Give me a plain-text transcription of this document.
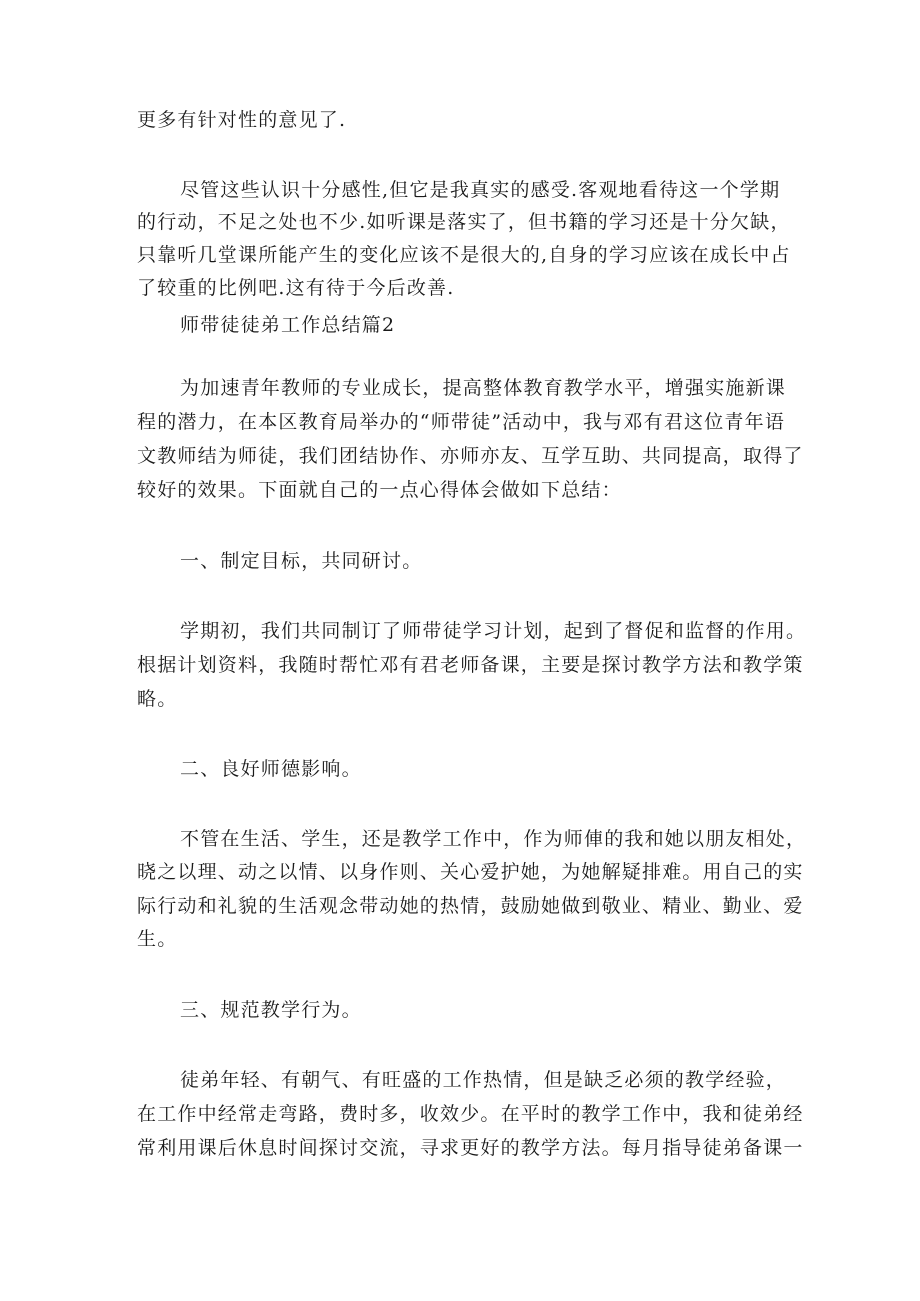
更多有针对性的意见了.
尽管这些认识十分感性,但它是我真实的感受.客观地看待这一个学期
的行动，不足之处也不少.如听课是落实了，但书籍的学习还是十分欠缺，
只靠听几堂课所能产生的变化应该不是很大的,自身的学习应该在成长中占
了较重的比例吧.这有待于今后改善.
师带徒徒弟工作总结篇2
为加速青年教师的专业成长，提高整体教育教学水平，增强实施新课
程的潜力，在本区教育局举办的“师带徒”活动中，我与邓有君这位青年语
文教师结为师徒，我们团结协作、亦师亦友、互学互助、共同提高，取得了
较好的效果。下面就自己的一点心得体会做如下总结：
一、制定目标，共同研讨。
学期初，我们共同制订了师带徒学习计划，起到了督促和监督的作用。
根据计划资料，我随时帮忙邓有君老师备课，主要是探讨教学方法和教学策
略。
二、良好师德影响。
不管在生活、学生，还是教学工作中，作为师俥的我和她以朋友相处，
晓之以理、动之以情、以身作则、关心爱护她，为她解疑排难。用自己的实
际行动和礼貌的生活观念带动她的热情，鼓励她做到敬业、精业、勤业、爱
生。
三、规范教学行为。
徒弟年轻、有朝气、有旺盛的工作热情，但是缺乏必须的教学经验，
在工作中经常走弯路，费时多，收效少。在平时的教学工作中，我和徒弟经
常利用课后休息时间探讨交流，寻求更好的教学方法。每月指导徒弟备课一
